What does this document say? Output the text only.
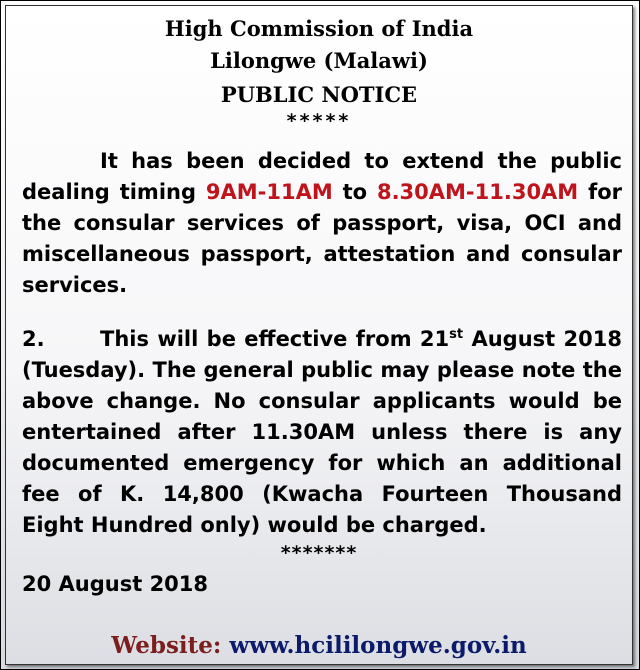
High Commission of India
Lilongwe (Malawi)
PUBLIC NOTICE
*****
It has been decided to extend the public dealing timing 9AM-11AM to 8.30AM-11.30AM for the consular services of passport, visa, OCI and miscellaneous passport, attestation and consular services.
2.	This will be effective from 21st August 2018 (Tuesday). The general public may please note the above change. No consular applicants would be entertained after 11.30AM unless there is any documented emergency for which an additional fee of K. 14,800 (Kwacha Fourteen Thousand Eight Hundred only) would be charged.
*******
20 August 2018
Website: www.hcililongwe.gov.in
